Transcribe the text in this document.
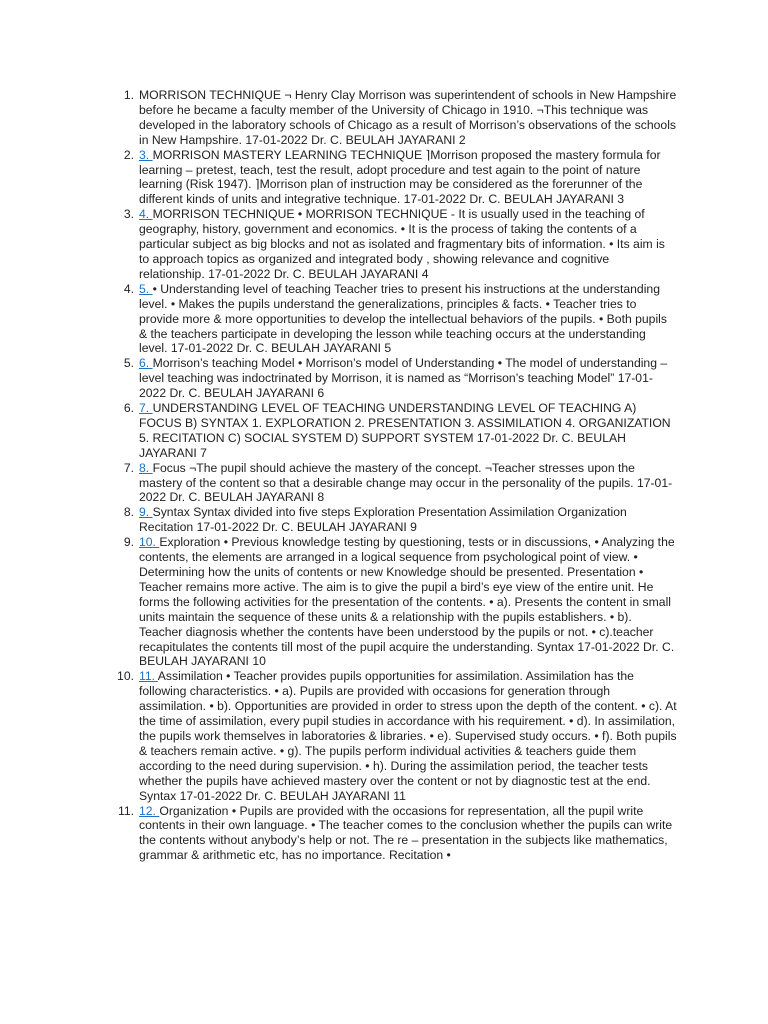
1. MORRISON TECHNIQUE ¬ Henry Clay Morrison was superintendent of schools in New Hampshire before he became a faculty member of the University of Chicago in 1910. ¬This technique was developed in the laboratory schools of Chicago as a result of Morrison’s observations of the schools in New Hampshire. 17-01-2022 Dr. C. BEULAH JAYARANI 2
2. 3. MORRISON MASTERY LEARNING TECHNIQUE ⌉Morrison proposed the mastery formula for learning – pretest, teach, test the result, adopt procedure and test again to the point of nature learning (Risk 1947). ⌉Morrison plan of instruction may be considered as the forerunner of the different kinds of units and integrative technique. 17-01-2022 Dr. C. BEULAH JAYARANI 3
3. 4. MORRISON TECHNIQUE • MORRISON TECHNIQUE - It is usually used in the teaching of geography, history, government and economics. • It is the process of taking the contents of a particular subject as big blocks and not as isolated and fragmentary bits of information. • Its aim is to approach topics as organized and integrated body , showing relevance and cognitive relationship. 17-01-2022 Dr. C. BEULAH JAYARANI 4
4. 5. • Understanding level of teaching Teacher tries to present his instructions at the understanding level. • Makes the pupils understand the generalizations, principles & facts. • Teacher tries to provide more & more opportunities to develop the intellectual behaviors of the pupils. • Both pupils & the teachers participate in developing the lesson while teaching occurs at the understanding level. 17-01-2022 Dr. C. BEULAH JAYARANI 5
5. 6. Morrison’s teaching Model • Morrison’s model of Understanding • The model of understanding – level teaching was indoctrinated by Morrison, it is named as “Morrison’s teaching Model” 17-01-2022 Dr. C. BEULAH JAYARANI 6
6. 7. UNDERSTANDING LEVEL OF TEACHING UNDERSTANDING LEVEL OF TEACHING A) FOCUS B) SYNTAX 1. EXPLORATION 2. PRESENTATION 3. ASSIMILATION 4. ORGANIZATION 5. RECITATION C) SOCIAL SYSTEM D) SUPPORT SYSTEM 17-01-2022 Dr. C. BEULAH JAYARANI 7
7. 8. Focus ¬The pupil should achieve the mastery of the concept. ¬Teacher stresses upon the mastery of the content so that a desirable change may occur in the personality of the pupils. 17-01-2022 Dr. C. BEULAH JAYARANI 8
8. 9. Syntax Syntax divided into five steps Exploration Presentation Assimilation Organization Recitation 17-01-2022 Dr. C. BEULAH JAYARANI 9
9. 10. Exploration • Previous knowledge testing by questioning, tests or in discussions, • Analyzing the contents, the elements are arranged in a logical sequence from psychological point of view. • Determining how the units of contents or new Knowledge should be presented. Presentation • Teacher remains more active. The aim is to give the pupil a bird’s eye view of the entire unit. He forms the following activities for the presentation of the contents. • a). Presents the content in small units maintain the sequence of these units & a relationship with the pupils establishers. • b). Teacher diagnosis whether the contents have been understood by the pupils or not. • c).teacher recapitulates the contents till most of the pupil acquire the understanding. Syntax 17-01-2022 Dr. C. BEULAH JAYARANI 10
10. 11. Assimilation • Teacher provides pupils opportunities for assimilation. Assimilation has the following characteristics. • a). Pupils are provided with occasions for generation through assimilation. • b). Opportunities are provided in order to stress upon the depth of the content. • c). At the time of assimilation, every pupil studies in accordance with his requirement. • d). In assimilation, the pupils work themselves in laboratories & libraries. • e). Supervised study occurs. • f). Both pupils & teachers remain active. • g). The pupils perform individual activities & teachers guide them according to the need during supervision. • h). During the assimilation period, the teacher tests whether the pupils have achieved mastery over the content or not by diagnostic test at the end. Syntax 17-01-2022 Dr. C. BEULAH JAYARANI 11
11. 12. Organization • Pupils are provided with the occasions for representation, all the pupil write contents in their own language. • The teacher comes to the conclusion whether the pupils can write the contents without anybody’s help or not. The re – presentation in the subjects like mathematics, grammar & arithmetic etc, has no importance. Recitation •
